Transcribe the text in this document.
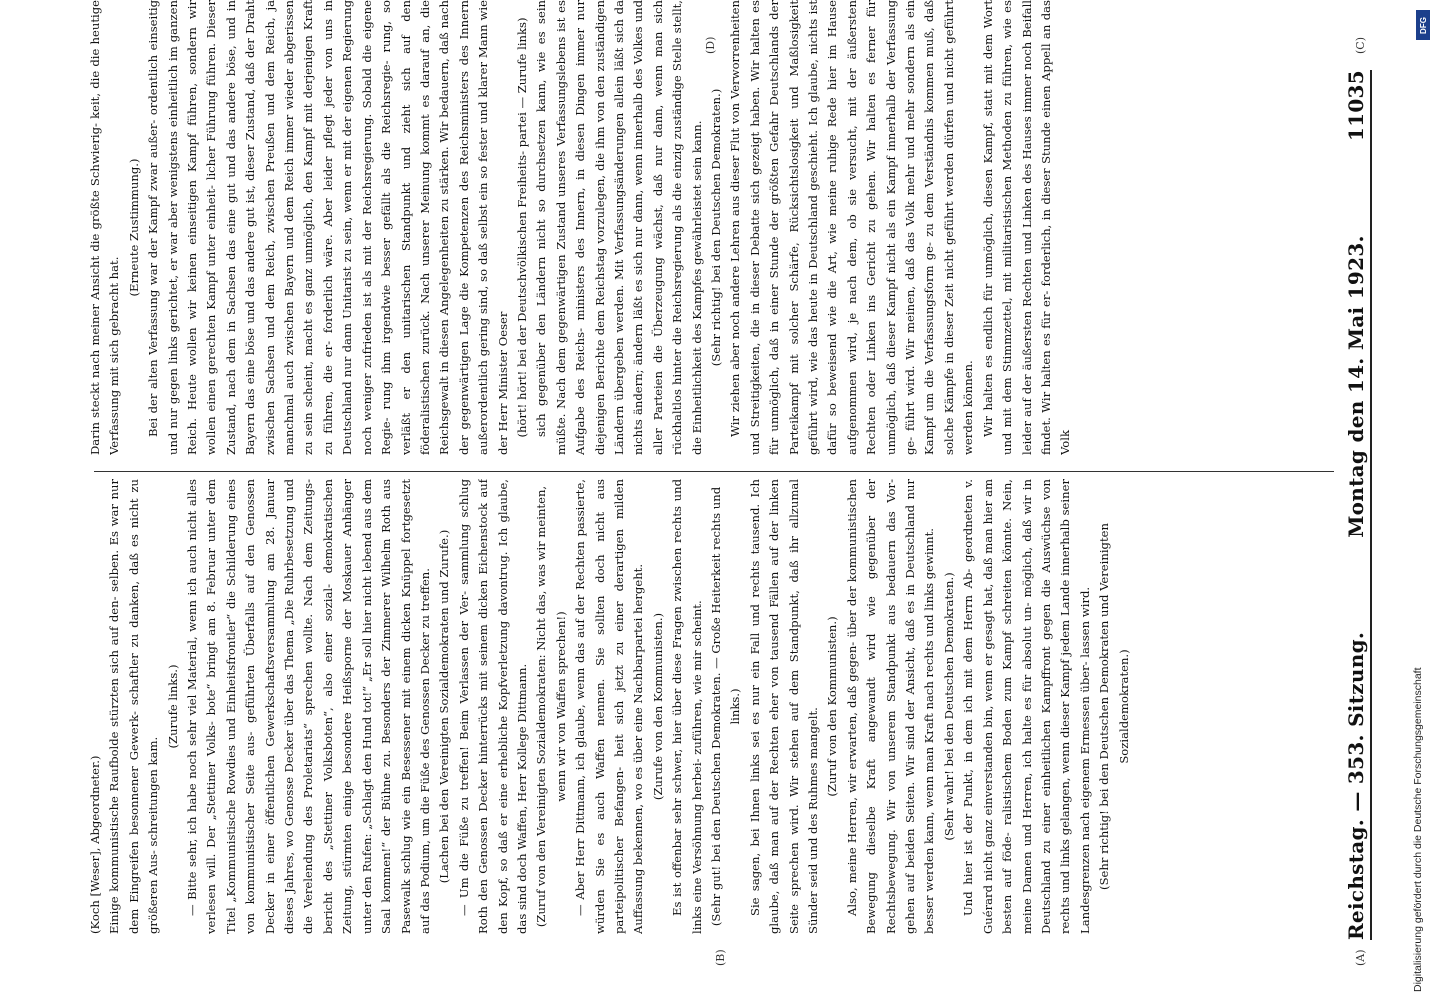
Reichstag. — 353. Sitzung.
Montag den 14. Mai 1923.
11035
(A)
(B)
(C)
(D)

(Koch [Weser], Abgeordneter.) Einige kommunistische Raufbolde stürzten sich auf den- selben. Es war nur dem Eingreifen besonnener Gewerk- schaftler zu danken, daß es nicht zu größeren Aus- schreitungen kam.

(Zurufe links.) — Bitte sehr, ich habe noch sehr viel Material, wenn ich auch nicht alles verlesen will. Der „Stettiner Volks- bote“ bringt am 8. Februar unter dem Titel „Kommunistische Rowdies und Einheitsfrontler“ die Schilderung eines von kommunistischer Seite aus- geführten Überfalls auf den Genossen Decker in einer öffentlichen Gewerkschaftsversammlung am 28. Januar dieses Jahres, wo Genosse Decker über das Thema „Die Ruhrbesetzung und die Verelendung des Proletariats“ sprechen wollte. Nach dem Zeitungs- bericht des „Stettiner Volksboten“, also einer sozial- demokratischen Zeitung, stürmten einige besondere Heißsporne der Moskauer Anhänger unter den Rufen: „Schlagt den Hund tot!“ „Er soll hier nicht lebend aus dem Saal kommen!“ der Bühne zu. Besonders der Zimmerer Wilhelm Roth aus Pasewalk schlug wie ein Besessener mit einem dicken Knüppel fortgesetzt auf das Podium, um die Füße des Genossen Decker zu treffen. (Lachen bei den Vereinigten Sozialdemokraten und Zurufe.) — Um die Füße zu treffen! Beim Verlassen der Ver- sammlung schlug Roth den Genossen Decker hinterrücks mit seinem dicken Eichenstock auf den Kopf, so daß er eine erhebliche Kopfverletzung davontrug. Ich glaube, das sind doch Waffen, Herr Kollege Dittmann. (Zuruf von den Vereinigten Sozialdemokraten: Nicht das, was wir meinten, wenn wir von Waffen sprechen!) — Aber Herr Dittmann, ich glaube, wenn das auf der Rechten passierte, würden Sie es auch Waffen nennen. Sie sollten doch nicht aus parteipolitischer Befangen- heit sich jetzt zu einer derartigen milden Auffassung bekennen, wo es über eine Nachbarpartei hergeht. (Zurufe von den Kommunisten.) Es ist offenbar sehr schwer, hier über diese Fragen zwischen rechts und links eine Versöhnung herbei- zuführen, wie mir scheint. (Sehr gut! bei den Deutschen Demokraten. — Große Heiterkeit rechts und links.) Sie sagen, bei Ihnen links sei es nur ein Fall und rechts tausend. Ich glaube, daß man auf der Rechten eher von tausend Fällen auf der linken Seite sprechen wird. Wir stehen auf dem Standpunkt, daß ihr allzumal Sünder seid und des Ruhmes mangelt.

(Zuruf von den Kommunisten.) Also, meine Herren, wir erwarten, daß gegen- über der kommunistischen Bewegung dieselbe Kraft angewandt wird wie gegenüber der Rechtsbewegung. Wir von unserem Standpunkt aus bedauern das Vor- gehen auf beiden Seiten. Wir sind der Ansicht, daß es in Deutschland nur besser werden kann, wenn man Kraft nach rechts und links gewinnt. (Sehr wahr! bei den Deutschen Demokraten.) Und hier ist der Punkt, in dem ich mit dem Herrn Ab- geordneten v. Guérard nicht ganz einverstanden bin, wenn er gesagt hat, daß man hier am besten auf föde- ralistischem Boden zum Kampf schreiten könnte. Nein, meine Damen und Herren, ich halte es für absolut un- möglich, daß wir in Deutschland zu einer einheitlichen Kampffront gegen die Auswüchse von rechts und links gelangen, wenn dieser Kampf jedem Lande innerhalb seiner Landesgrenzen nach eigenem Ermessen über- lassen wird. (Sehr richtig! bei den Deutschen Demokraten und Vereinigten Sozialdemokraten.)

Darin steckt nach meiner Ansicht die größte Schwierig- keit, die die heutige Verfassung mit sich gebracht hat.

(Erneute Zustimmung.) Bei der alten Verfassung war der Kampf zwar außer- ordentlich einseitig und nur gegen links gerichtet, er war aber wenigstens einheitlich im ganzen Reich. Heute wollen wir keinen einseitigen Kampf führen, sondern wir wollen einen gerechten Kampf unter einheit- licher Führung führen. Dieser Zustand, nach dem in Sachsen das eine gut und das andere böse, und in Bayern das eine böse und das andere gut ist, dieser Zustand, daß der Draht zwischen Sachsen und dem Reich, zwischen Preußen und dem Reich, ja manchmal auch zwischen Bayern und dem Reich immer wieder abgerissen zu sein scheint, macht es ganz unmöglich, den Kampf mit derjenigen Kraft zu führen, die er- forderlich wäre. Aber leider pflegt jeder von uns in Deutschland nur dann Unitarist zu sein, wenn er mit der eigenen Regierung noch weniger zufrieden ist als mit der Reichsregierung. Sobald die eigene Regie- rung ihm irgendwie besser gefällt als die Reichsregie- rung, so verläßt er den unitarischen Standpunkt und zieht sich auf den föderalistischen zurück. Nach unserer Meinung kommt es darauf an, die Reichsgewalt in diesen Angelegenheiten zu stärken. Wir bedauern, daß nach der gegenwärtigen Lage die Kompetenzen des Reichsministers des Innern außerordentlich gering sind, so daß selbst ein so fester und klarer Mann wie der Herr Minister Oeser (hört! hört! bei der Deutschvölkischen Freiheits- partei — Zurufe links) sich gegenüber den Ländern nicht so durchsetzen kann, wie es sein müßte. Nach dem gegenwärtigen Zustand unseres Verfassungslebens ist es Aufgabe des Reichs- ministers des Innern, in diesen Dingen immer nur diejenigen Berichte dem Reichstag vorzulegen, die ihm von den zuständigen Ländern übergeben werden. Mit Verfassungsänderungen allein läßt sich da nichts ändern; ändern läßt es sich nur dann, wenn innerhalb des Volkes und aller Parteien die Überzeugung wächst, daß nur dann, wenn man sich rückhaltlos hinter die Reichsregierung als die einzig zuständige Stelle stellt, die Einheitlichkeit des Kampfes gewährleistet sein kann. (Sehr richtig! bei den Deutschen Demokraten.) Wir ziehen aber noch andere Lehren aus dieser Flut von Verworrenheiten und Streitigkeiten, die in dieser Debatte sich gezeigt haben. Wir halten es für unmöglich, daß in einer Stunde der größten Gefahr Deutschlands der Parteikampf mit solcher Schärfe, Rücksichtslosigkeit und Maßlosigkeit geführt wird, wie das heute in Deutschland geschieht. Ich glaube, nichts ist dafür so beweisend wie die Art, wie meine ruhige Rede hier im Hause aufgenommen wird, je nach dem, ob sie versucht, mit der äußersten Rechten oder Linken ins Gericht zu gehen. Wir halten es ferner für unmöglich, daß dieser Kampf nicht als ein Kampf innerhalb der Verfassung ge- führt wird. Wir meinen, daß das Volk mehr und mehr sondern als ein Kampf um die Verfassungsform ge- zu dem Verständnis kommen muß, daß solche Kämpfe in dieser Zeit nicht geführt werden dürfen und nicht geführt werden können. Wir halten es endlich für unmöglich, diesen Kampf, statt mit dem Wort und mit dem Stimmzettel, mit militaristischen Methoden zu führen, wie es leider auf der äußersten Rechten und Linken des Hauses immer noch Beifall findet. Wir halten es für er- forderlich, in dieser Stunde einen Appell an das Volk

Digitalisierung gefördert durch die Deutsche Forschungsgemeinschaft
DFG
